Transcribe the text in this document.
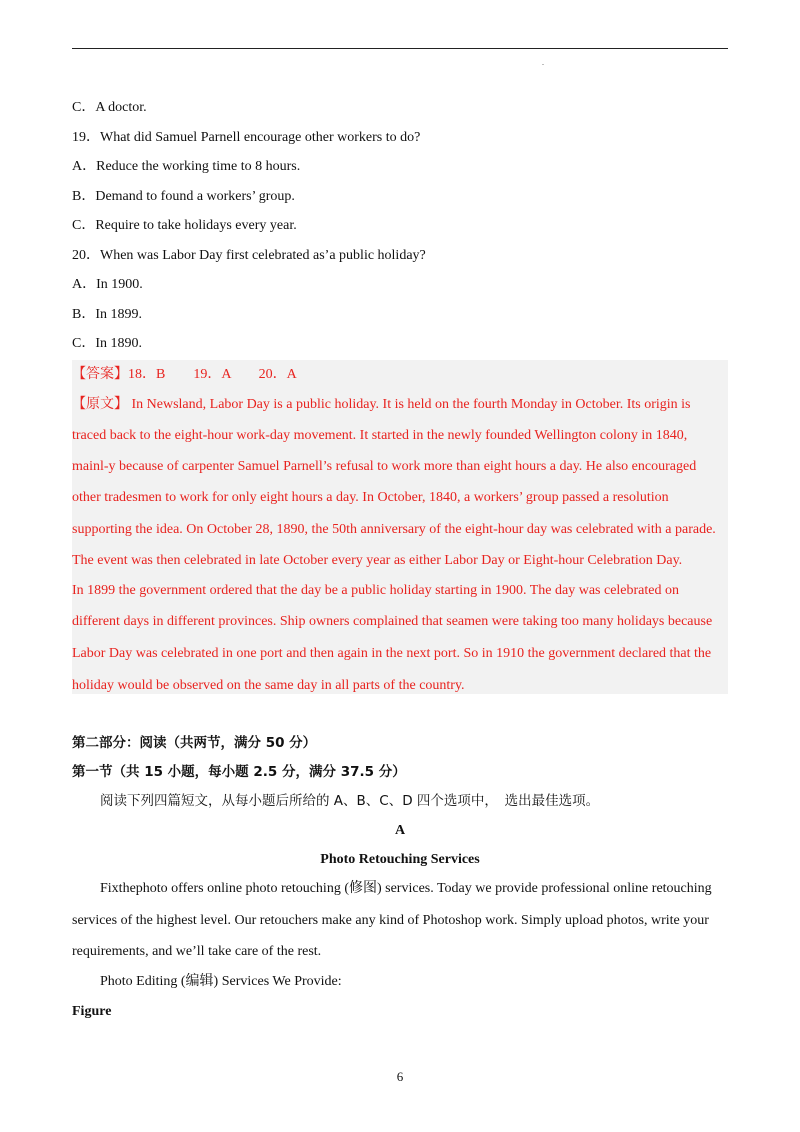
.
C．A doctor.
19．What did Samuel Parnell encourage other workers to do?
A．Reduce the working time to 8 hours.
B．Demand to found a workers’ group.
C．Require to take holidays every year.
20．When was Labor Day first celebrated as’a public holiday?
A．In 1900.
B．In 1899.
C．In 1890.
【答案】18．B　　19．A　　20．A
【原文】 In Newsland, Labor Day is a public holiday. It is held on the fourth Monday in October. Its origin is
traced back to the eight-hour work-day movement. It started in the newly founded Wellington colony in 1840,
mainl-y because of carpenter Samuel Parnell’s refusal to work more than eight hours a day. He also encouraged
other tradesmen to work for only eight hours a day. In October, 1840, a workers’ group passed a resolution
supporting the idea. On October 28, 1890, the 50th anniversary of the eight-hour day was celebrated with a parade.
The event was then celebrated in late October every year as either Labor Day or Eight-hour Celebration Day.
In 1899 the government ordered that the day be a public holiday starting in 1900. The day was celebrated on
different days in different provinces. Ship owners complained that seamen were taking too many holidays because
Labor Day was celebrated in one port and then again in the next port. So in 1910 the government declared that the
holiday would be observed on the same day in all parts of the country.
第二部分：阅读（共两节，满分 50 分）
第一节（共 15 小题，每小题 2.5 分，满分 37.5 分）
阅读下列四篇短文，从每小题后所给的 A、B、C、D 四个选项中，　选出最佳选项。
A
Photo Retouching Services
Fixthephoto offers online photo retouching (修图) services. Today we provide professional online retouching
services of the highest level. Our retouchers make any kind of Photoshop work. Simply upload photos, write your
requirements, and we’ll take care of the rest.
Photo Editing (编辑) Services We Provide:
Figure
6
